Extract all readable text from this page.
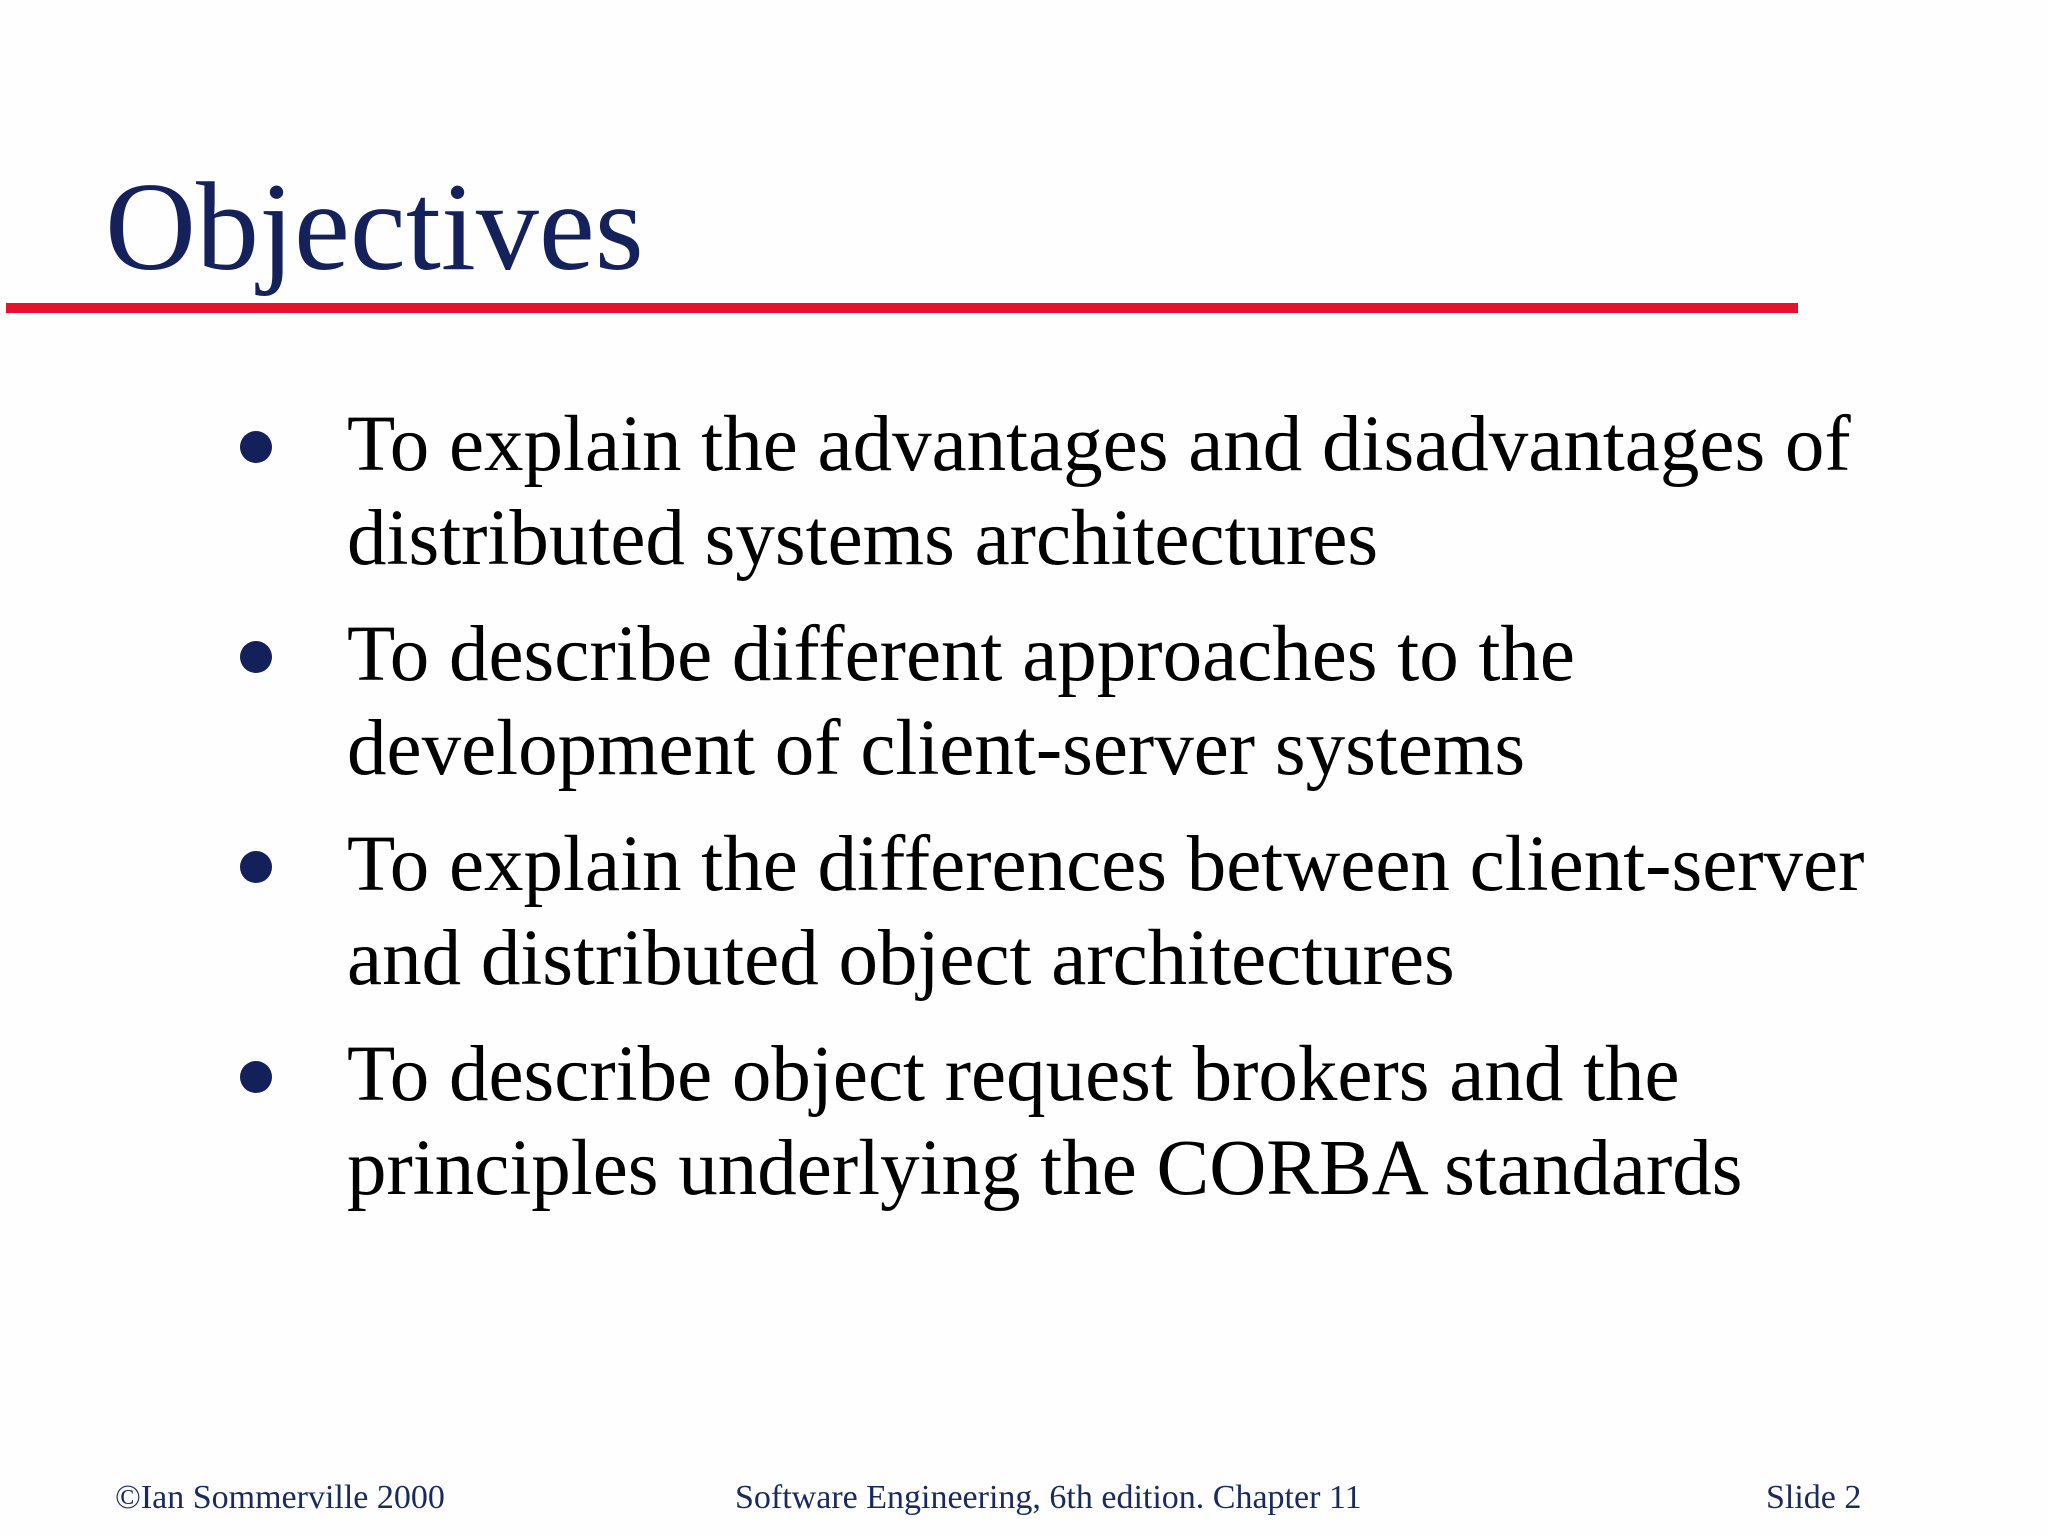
Objectives
To explain the advantages and disadvantages of
distributed systems architectures
To describe different approaches to the
development of client-server systems
To explain the differences between client-server
and distributed object architectures
To describe object request brokers and the
principles underlying the CORBA standards
©Ian Sommerville 2000	Software Engineering, 6th edition. Chapter 11	Slide 2
